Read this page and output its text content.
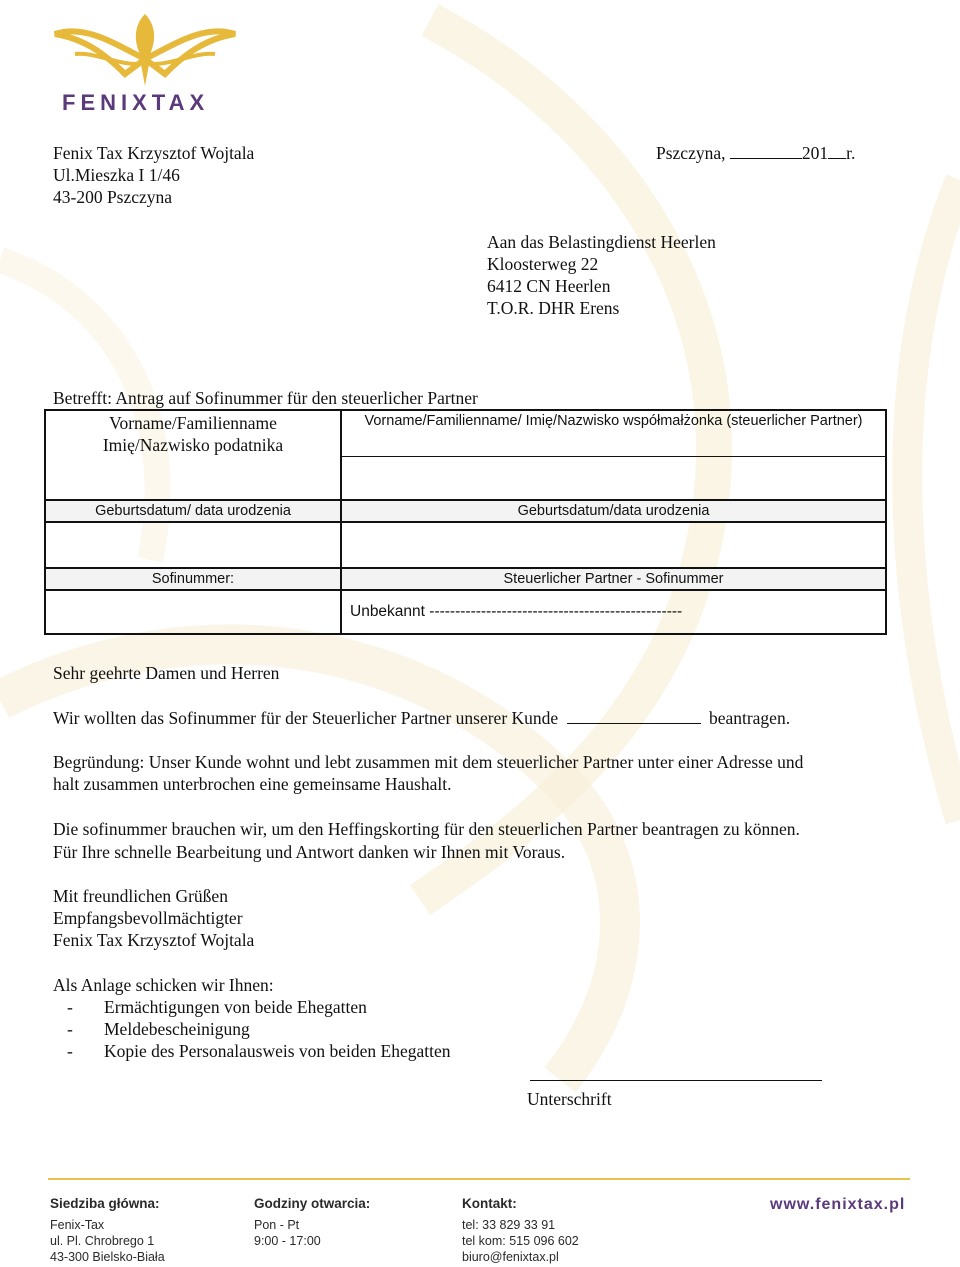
FENIXTAX
Fenix Tax Krzysztof Wojtala
Ul.Mieszka I 1/46
43-200 Pszczyna
Pszczyna,	201 r.
Aan das Belastingdienst Heerlen
Kloosterweg 22
6412 CN Heerlen
T.O.R. DHR Erens
Betrefft: Antrag auf Sofinummer für den steuerlicher Partner
Vorname/Familienname
Imię/Nazwisko podatnika	Vorname/Familienname/ Imię/Nazwisko współmałżonka (steuerlicher Partner)

Geburtsdatum/ data urodzenia	Geburtsdatum/data urodzenia

Sofinummer:	Steuerlicher Partner - Sofinummer
	Unbekannt -------------------------------------------------
Sehr geehrte Damen und Herren
Wir wollten das Sofinummer für der Steuerlicher Partner unserer Kunde	beantragen.
Begründung: Unser Kunde wohnt und lebt zusammen mit dem steuerlicher Partner unter einer Adresse und
halt zusammen unterbrochen eine gemeinsame Haushalt.
Die sofinummer brauchen wir, um den Heffingskorting für den steuerlichen Partner beantragen zu können.
Für Ihre schnelle Bearbeitung und Antwort danken wir Ihnen mit Voraus.
Mit freundlichen Grüßen
Empfangsbevollmächtigter
Fenix Tax Krzysztof Wojtala
Als Anlage schicken wir Ihnen:
- Ermächtigungen von beide Ehegatten
- Meldebescheinigung
- Kopie des Personalausweis von beiden Ehegatten
Unterschrift
Siedziba główna:
Fenix-Tax
ul. Pl. Chrobrego 1
43-300 Bielsko-Biała
Godziny otwarcia:
Pon - Pt
9:00 - 17:00
Kontakt:
tel: 33 829 33 91
tel kom: 515 096 602
biuro@fenixtax.pl
www.fenixtax.pl
